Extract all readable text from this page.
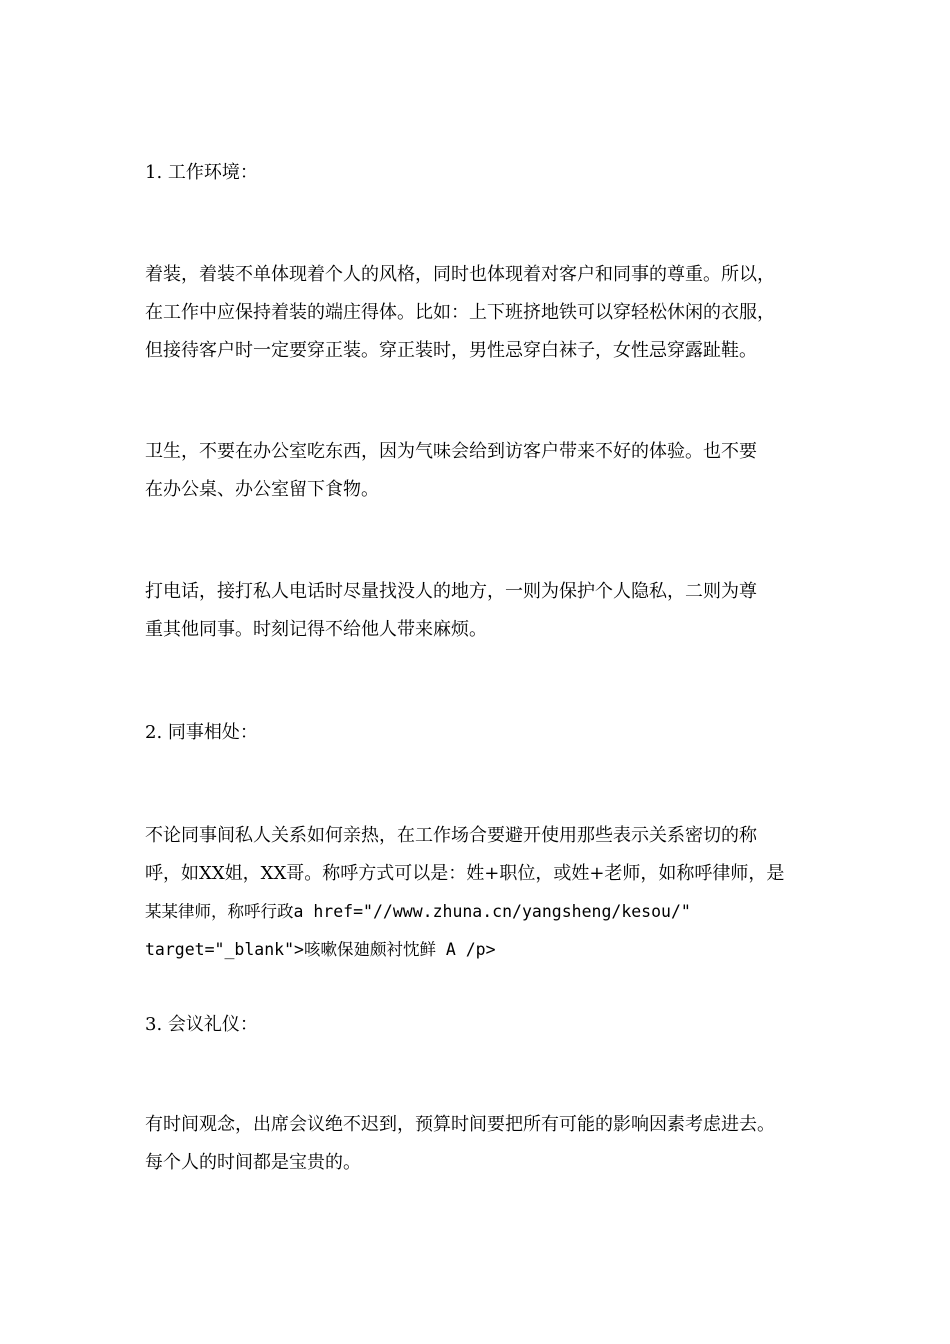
1. 工作环境：

着装，着装不单体现着个人的风格，同时也体现着对客户和同事的尊重。所以，
在工作中应保持着装的端庄得体。比如：上下班挤地铁可以穿轻松休闲的衣服，
但接待客户时一定要穿正装。穿正装时，男性忌穿白袜子，女性忌穿露趾鞋。

卫生，不要在办公室吃东西，因为气味会给到访客户带来不好的体验。也不要
在办公桌、办公室留下食物。

打电话，接打私人电话时尽量找没人的地方，一则为保护个人隐私，二则为尊
重其他同事。时刻记得不给他人带来麻烦。

2. 同事相处：

不论同事间私人关系如何亲热，在工作场合要避开使用那些表示关系密切的称
呼，如XX姐，XX哥。称呼方式可以是：姓+职位，或姓+老师，如称呼律师，是
某某律师，称呼行政a href="//www.zhuna.cn/yangsheng/kesou/"
target="_blank">咳嗽保廸颇衬忱鲜 A /p>

3. 会议礼仪：

有时间观念，出席会议绝不迟到，预算时间要把所有可能的影响因素考虑进去。
每个人的时间都是宝贵的。
